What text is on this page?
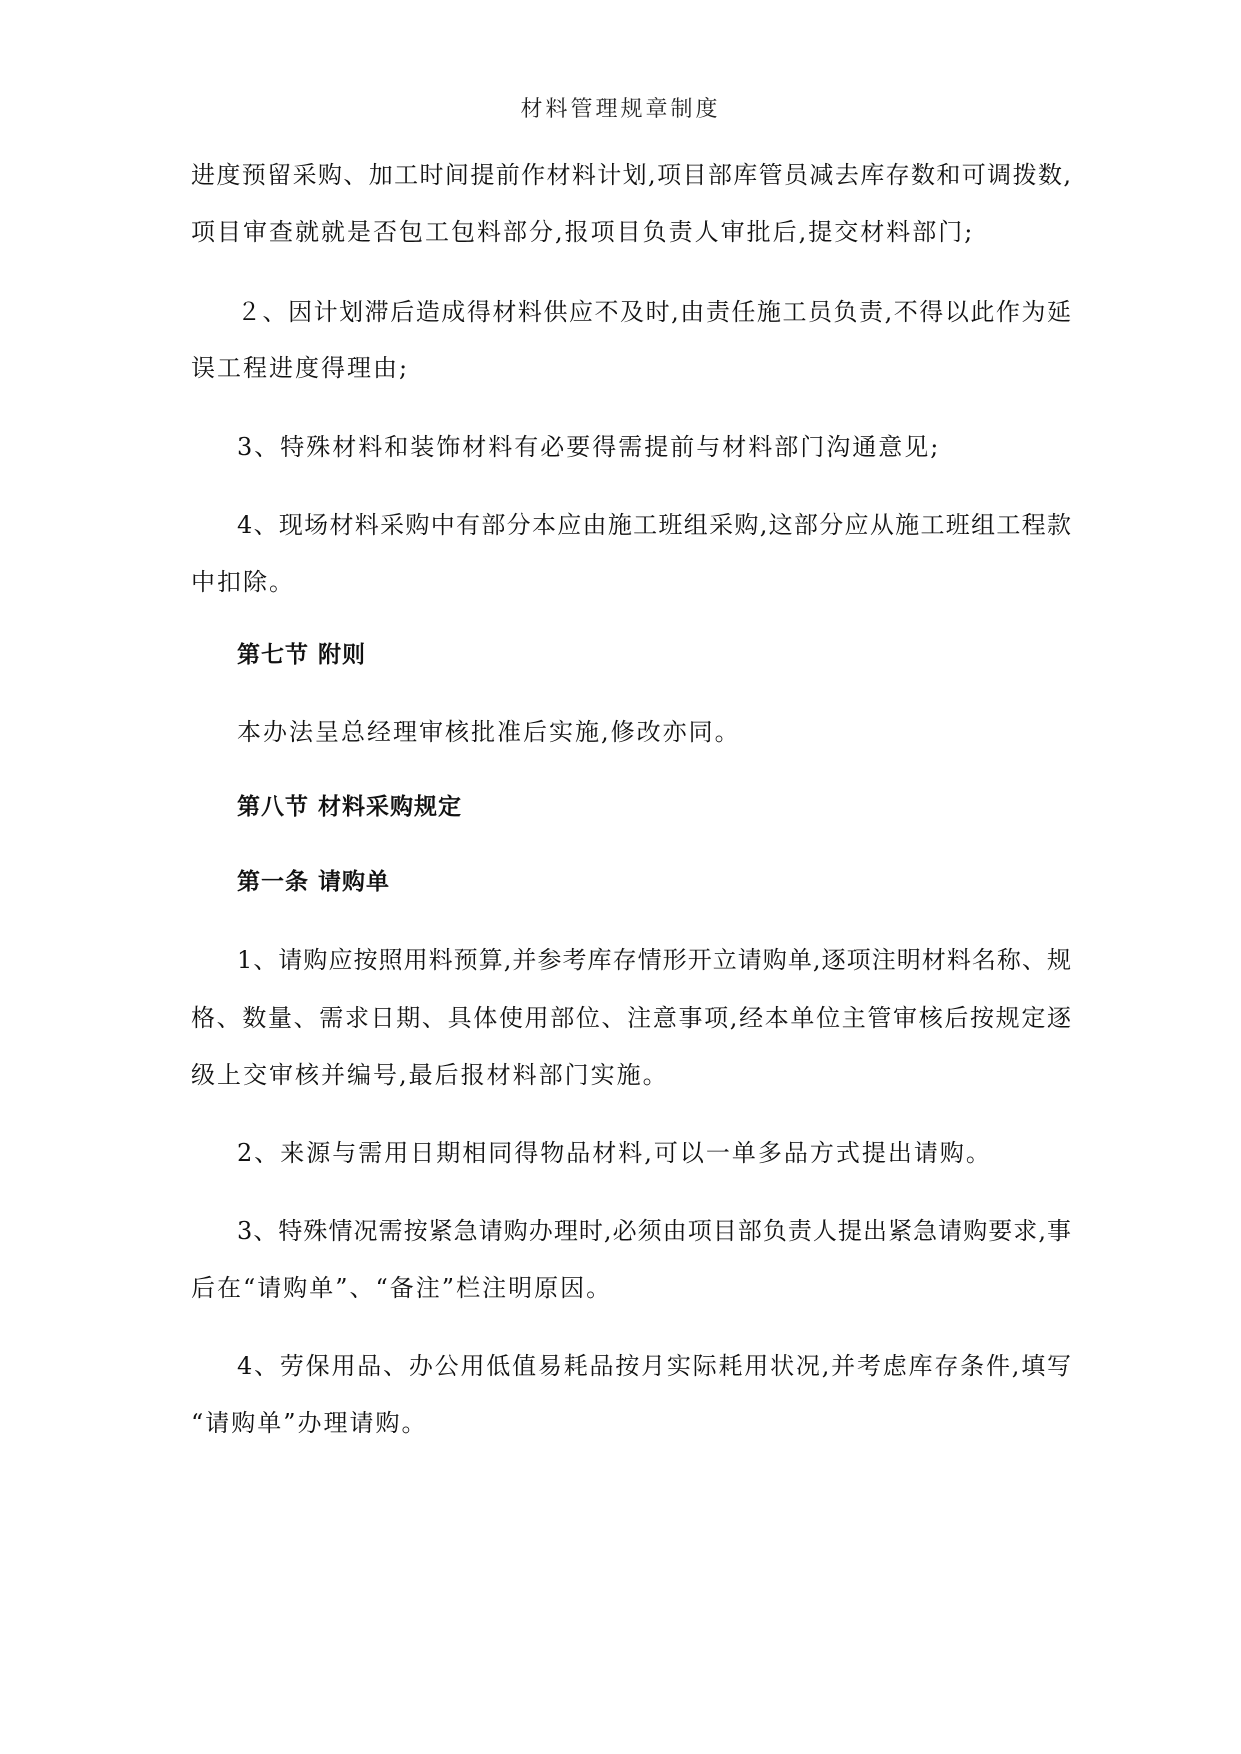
材料管理规章制度
进度预留采购、加工时间提前作材料计划,项目部库管员减去库存数和可调拨数,
项目审查就就是否包工包料部分,报项目负责人审批后,提交材料部门;
２、因计划滞后造成得材料供应不及时,由责任施工员负责,不得以此作为延
误工程进度得理由;
3、特殊材料和装饰材料有必要得需提前与材料部门沟通意见;
4、现场材料采购中有部分本应由施工班组采购,这部分应从施工班组工程款
中扣除。
第七节 附则
本办法呈总经理审核批准后实施,修改亦同。
第八节 材料采购规定
第一条 请购单
1、请购应按照用料预算,并参考库存情形开立请购单,逐项注明材料名称、规
格、数量、需求日期、具体使用部位、注意事项,经本单位主管审核后按规定逐
级上交审核并编号,最后报材料部门实施。
2、来源与需用日期相同得物品材料,可以一单多品方式提出请购。
3、特殊情况需按紧急请购办理时,必须由项目部负责人提出紧急请购要求,事
后在“请购单”、“备注”栏注明原因。
4、劳保用品、办公用低值易耗品按月实际耗用状况,并考虑库存条件,填写
“请购单”办理请购。
